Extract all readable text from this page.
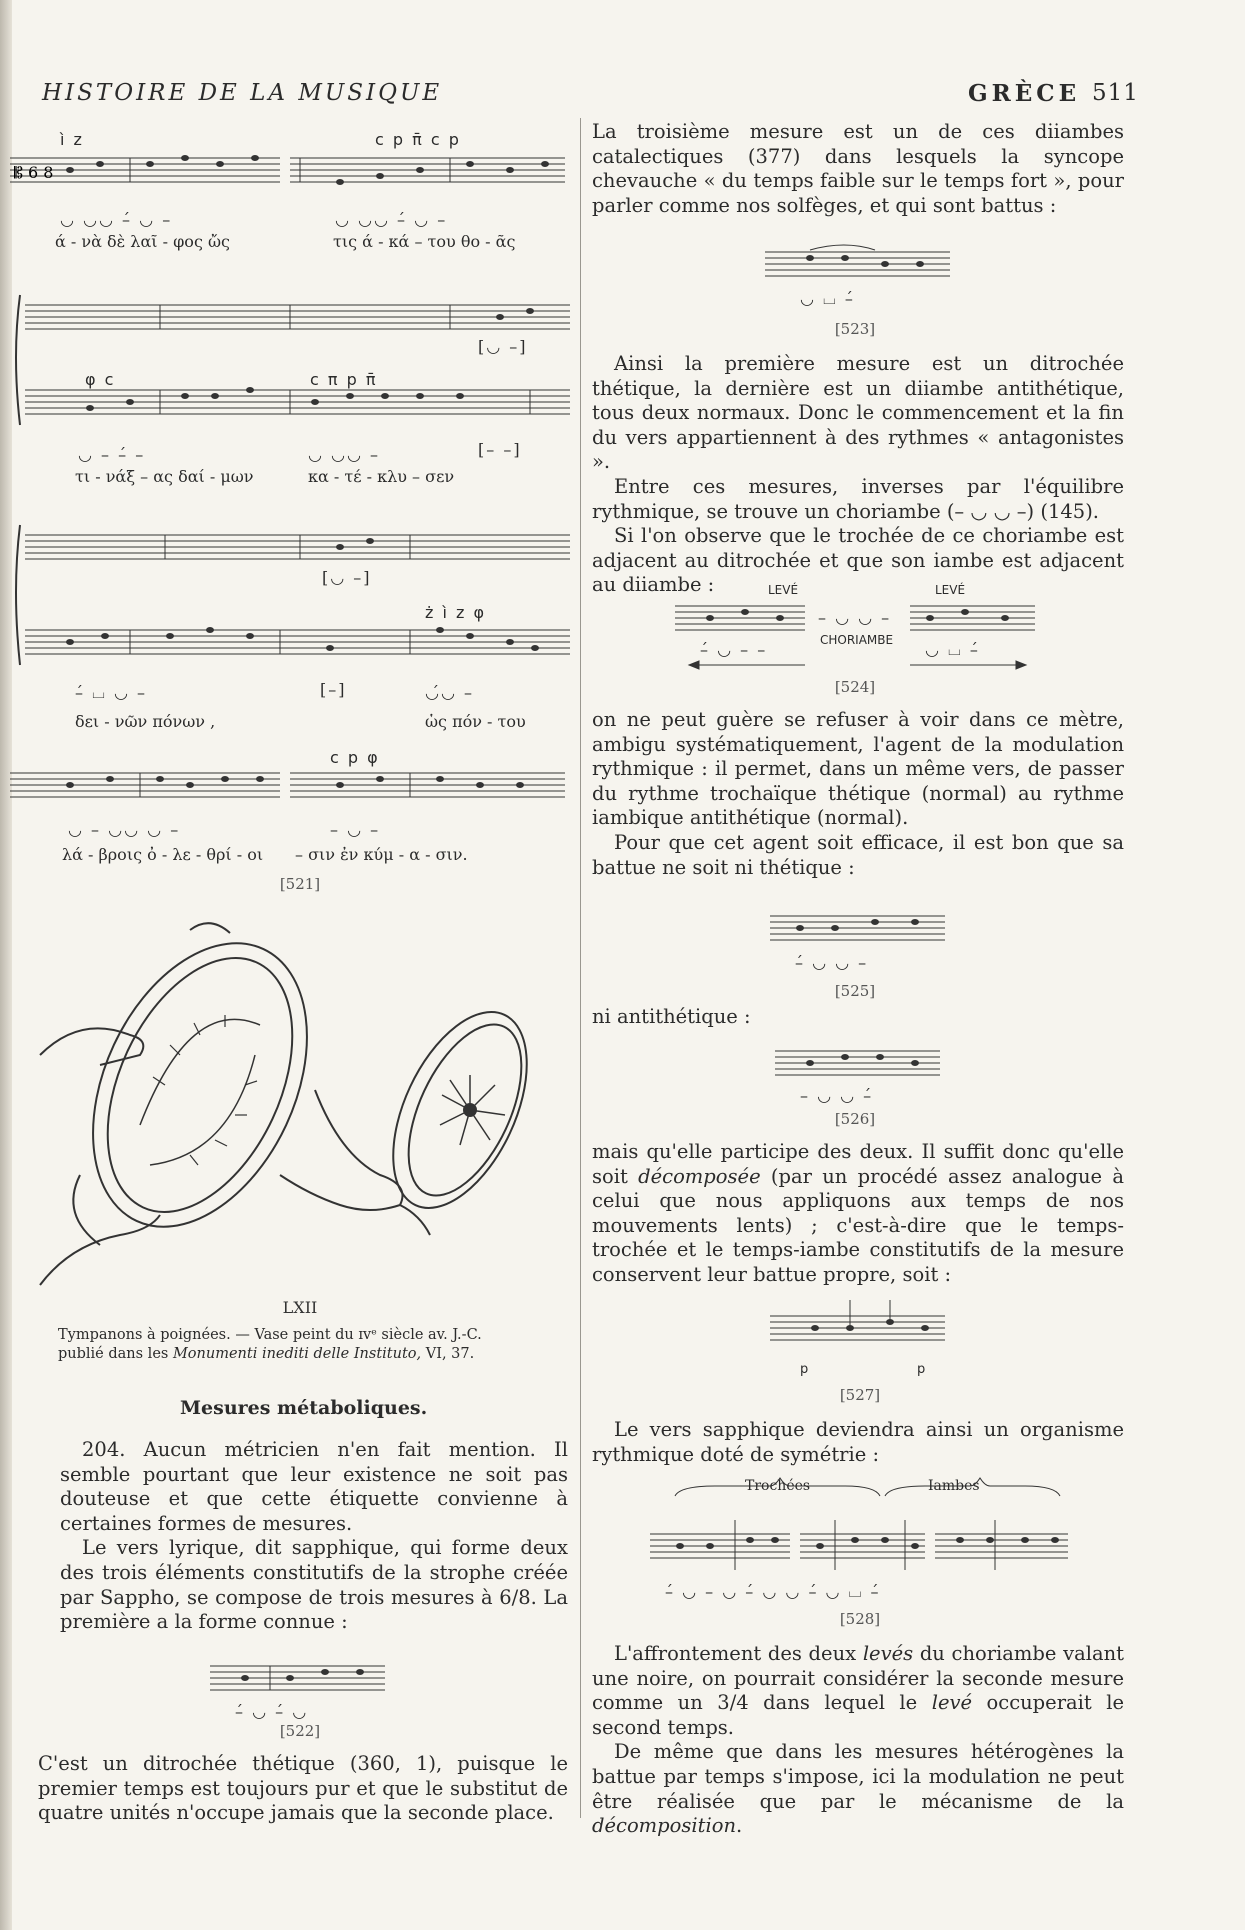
HISTOIRE DE LA MUSIQUE	GRÈCE 511
ì z	c p π̄ c p
𝄡 6 8
◡ ◡◡ –́ ◡ –	◡ ◡◡ –́ ◡ –
ά - νὰ δὲ λαῖ - φος ὤς	τις ά - κά – του θο - ᾶς
[◡ –]
φ c	c π p π̄
[– –]
◡ – –́ –	◡ ◡◡ –
τι - νάξ – ας δαί - μων	κα - τέ - κλυ – σεν
[◡ –]
ż ì z φ
[–]
–́ ⌴ ◡ –	◡́◡ –
δει - νῶν πόνων ,	ὡς πόν - του
c p φ
◡ – ◡◡ ◡ –	– ◡ –
λά - βροις ὀ - λε - θρί - οι – σιν ἐν κύμ - α - σιν.
[521]
LXII
Tympanons à poignées. — Vase peint du ɪvᵉ siècle av. J.-C.
publié dans les Monumenti inediti delle Instituto, VI, 37.
Mesures métaboliques.

204. Aucun métricien n'en fait mention. Il semble pourtant que leur existence ne soit pas douteuse et que cette étiquette convienne à certaines formes de mesures.

Le vers lyrique, dit sapphique, qui forme deux des trois éléments constitutifs de la strophe créée par Sappho, se compose de trois mesures à 6/8. La première a la forme connue :

–́ ◡ –́ ◡
[522]

C'est un ditrochée thétique (360, 1), puisque le premier temps est toujours pur et que le substitut de quatre unités n'occupe jamais que la seconde place.

La troisième mesure est un de ces diiambes catalectiques (377) dans lesquels la syncope chevauche « du temps faible sur le temps fort », pour parler comme nos solfèges, et qui sont battus :

◡ ⌴ –́
[523]

Ainsi la première mesure est un ditrochée thétique, la dernière est un diiambe antithétique, tous deux normaux. Donc le commencement et la fin du vers appartiennent à des rythmes « antagonistes ».

Entre ces mesures, inverses par l'équilibre rythmique, se trouve un choriambe (– ◡ ◡ –) (145).

Si l'on observe que le trochée de ce choriambe est adjacent au ditrochée et que son iambe est adjacent au diiambe :	LEVÉ	LEVÉ
– ◡ ◡ –
CHORIAMBE
–́ ◡ – –	◡ ⌴ –́
[524]

on ne peut guère se refuser à voir dans ce mètre, ambigu systématiquement, l'agent de la modulation rythmique : il permet, dans un même vers, de passer du rythme trochaïque thétique (normal) au rythme iambique antithétique (normal).

Pour que cet agent soit efficace, il est bon que sa battue ne soit ni thétique :

–́ ◡ ◡ –
[525]

ni antithétique :

– ◡ ◡ –́
[526]

mais qu'elle participe des deux. Il suffit donc qu'elle soit décomposée (par un procédé assez analogue à celui que nous appliquons aux temps de nos mouvements lents) ; c'est-à-dire que le temps-trochée et le temps-iambe constitutifs de la mesure conservent leur battue propre, soit :

p	p
[527]

Le vers sapphique deviendra ainsi un organisme rythmique doté de symétrie :

Trochées	Iambes
–́ ◡ – ◡ –́ ◡ ◡ –́ ◡ ⌴ –́
[528]

L'affrontement des deux levés du choriambe valant une noire, on pourrait considérer la seconde mesure comme un 3/4 dans lequel le levé occuperait le second temps.

De même que dans les mesures hétérogènes la battue par temps s'impose, ici la modulation ne peut être réalisée que par le mécanisme de la décomposition.
